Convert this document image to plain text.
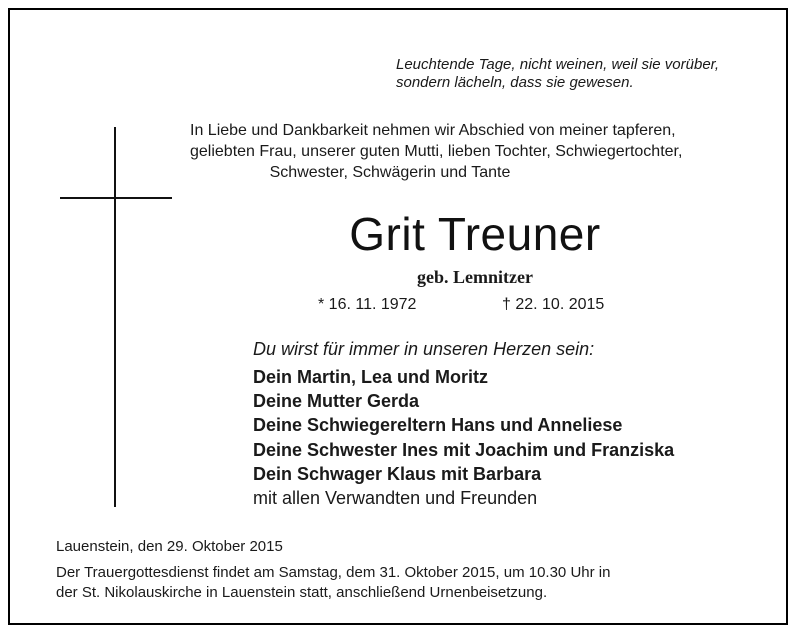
Leuchtende Tage, nicht weinen, weil sie vorüber,
sondern lächeln, dass sie gewesen.
In Liebe und Dankbarkeit nehmen wir Abschied von meiner tapferen,
geliebten Frau, unserer guten Mutti, lieben Tochter, Schwiegertochter,
Schwester, Schwägerin und Tante
Grit Treuner
geb. Lemnitzer
* 16. 11. 1972	† 22. 10. 2015
Du wirst für immer in unseren Herzen sein:
Dein Martin, Lea und Moritz
Deine Mutter Gerda
Deine Schwiegereltern Hans und Anneliese
Deine Schwester Ines mit Joachim und Franziska
Dein Schwager Klaus mit Barbara
mit allen Verwandten und Freunden
Lauenstein, den 29. Oktober 2015
Der Trauergottesdienst findet am Samstag, dem 31. Oktober 2015, um 10.30 Uhr in
der St. Nikolauskirche in Lauenstein statt, anschließend Urnenbeisetzung.
